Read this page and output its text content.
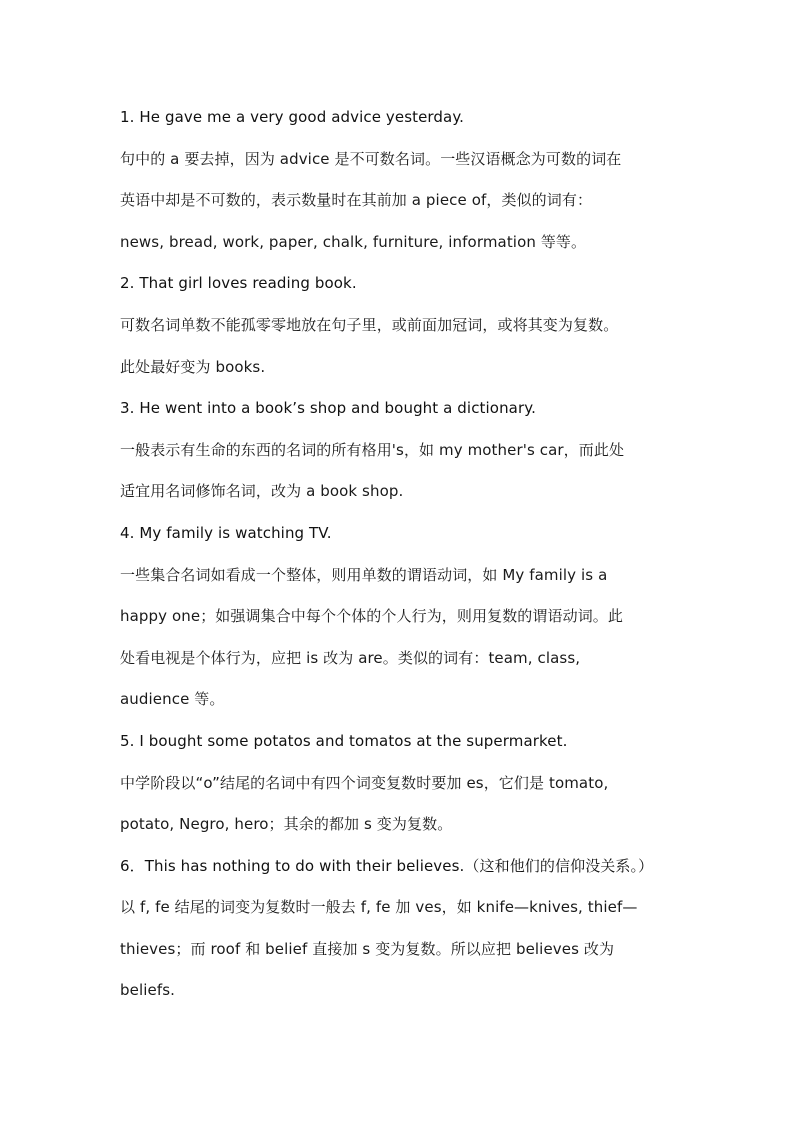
1. He gave me a very good advice yesterday.
句中的 a 要去掉，因为 advice 是不可数名词。一些汉语概念为可数的词在
英语中却是不可数的，表示数量时在其前加 a piece of，类似的词有：
news, bread, work, paper, chalk, furniture, information 等等。
2. That girl loves reading book.
可数名词单数不能孤零零地放在句子里，或前面加冠词，或将其变为复数。
此处最好变为 books.
3. He went into a book’s shop and bought a dictionary.
一般表示有生命的东西的名词的所有格用's，如 my mother's car，而此处
适宜用名词修饰名词，改为 a book shop.
4. My family is watching TV.
一些集合名词如看成一个整体，则用单数的谓语动词，如 My family is a
happy one；如强调集合中每个个体的个人行为，则用复数的谓语动词。此
处看电视是个体行为，应把 is 改为 are。类似的词有：team, class,
audience 等。
5. I bought some potatos and tomatos at the supermarket.
中学阶段以“o”结尾的名词中有四个词变复数时要加 es，它们是 tomato,
potato, Negro, hero；其余的都加 s 变为复数。
6．This has nothing to do with their believes.（这和他们的信仰没关系。）
以 f, fe 结尾的词变为复数时一般去 f, fe 加 ves，如 knife—knives, thief—
thieves；而 roof 和 belief 直接加 s 变为复数。所以应把 believes 改为
beliefs.
